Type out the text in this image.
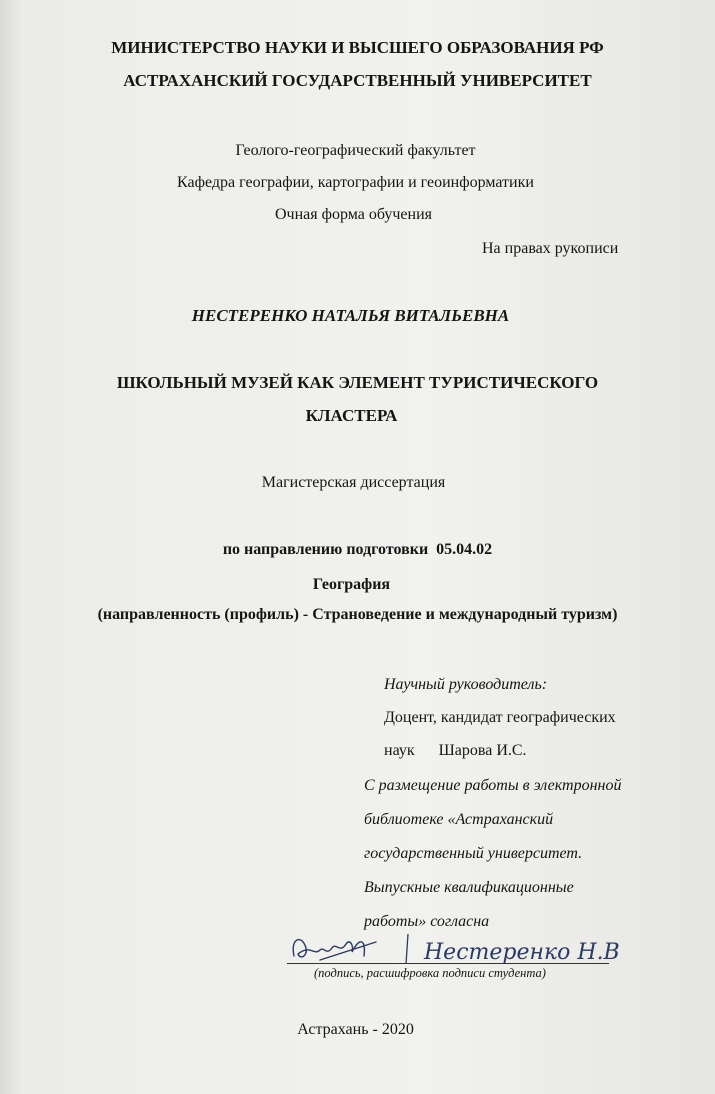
МИНИСТЕРСТВО НАУКИ И ВЫСШЕГО ОБРАЗОВАНИЯ РФ
АСТРАХАНСКИЙ ГОСУДАРСТВЕННЫЙ УНИВЕРСИТЕТ
Геолого-географический факультет
Кафедра географии, картографии и геоинформатики
Очная форма обучения
На правах рукописи
НЕСТЕРЕНКО НАТАЛЬЯ ВИТАЛЬЕВНА
ШКОЛЬНЫЙ МУЗЕЙ КАК ЭЛЕМЕНТ ТУРИСТИЧЕСКОГО
КЛАСТЕРА
Магистерская диссертация
по направлению подготовки 05.04.02
География
(направленность (профиль) - Страноведение и международный туризм)
Научный руководитель:
Доцент, кандидат географических
наук Шарова И.С.
С размещение работы в электронной
библиотеке «Астраханский
государственный университет.
Выпускные квалификационные
работы» согласна
Нестеренко Н.В
(подпись, расшифровка подписи студента)
Астрахань - 2020
